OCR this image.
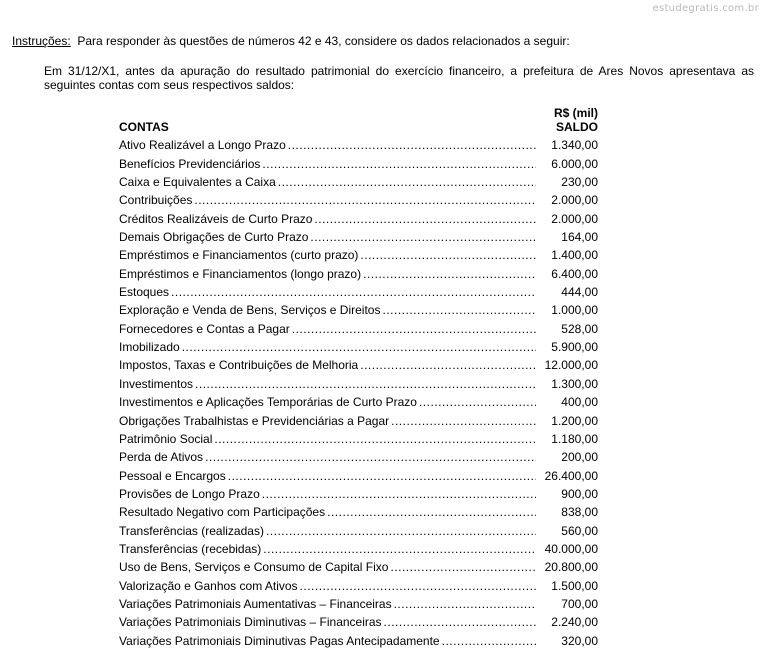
estudegratis.com.br
Instruções: Para responder às questões de números 42 e 43, considere os dados relacionados a seguir:
Em 31/12/X1, antes da apuração do resultado patrimonial do exercício financeiro, a prefeitura de Ares Novos apresentava as seguintes contas com seus respectivos saldos:
CONTAS
R$ (mil)
SALDO
Ativo Realizável a Longo Prazo .....	1.340,00
Benefícios Previdenciários .....	6.000,00
Caixa e Equivalentes a Caixa .....	230,00
Contribuições .....	2.000,00
Créditos Realizáveis de Curto Prazo .....	2.000,00
Demais Obrigações de Curto Prazo .....	164,00
Empréstimos e Financiamentos (curto prazo) .....	1.400,00
Empréstimos e Financiamentos (longo prazo) .....	6.400,00
Estoques .....	444,00
Exploração e Venda de Bens, Serviços e Direitos .....	1.000,00
Fornecedores e Contas a Pagar .....	528,00
Imobilizado .....	5.900,00
Impostos, Taxas e Contribuições de Melhoria .....	12.000,00
Investimentos .....	1.300,00
Investimentos e Aplicações Temporárias de Curto Prazo .....	400,00
Obrigações Trabalhistas e Previdenciárias a Pagar .....	1.200,00
Patrimônio Social .....	1.180,00
Perda de Ativos .....	200,00
Pessoal e Encargos .....	26.400,00
Provisões de Longo Prazo .....	900,00
Resultado Negativo com Participações .....	838,00
Transferências (realizadas) .....	560,00
Transferências (recebidas) .....	40.000,00
Uso de Bens, Serviços e Consumo de Capital Fixo .....	20.800,00
Valorização e Ganhos com Ativos .....	1.500,00
Variações Patrimoniais Aumentativas – Financeiras .....	700,00
Variações Patrimoniais Diminutivas – Financeiras .....	2.240,00
Variações Patrimoniais Diminutivas Pagas Antecipadamente .....	320,00
